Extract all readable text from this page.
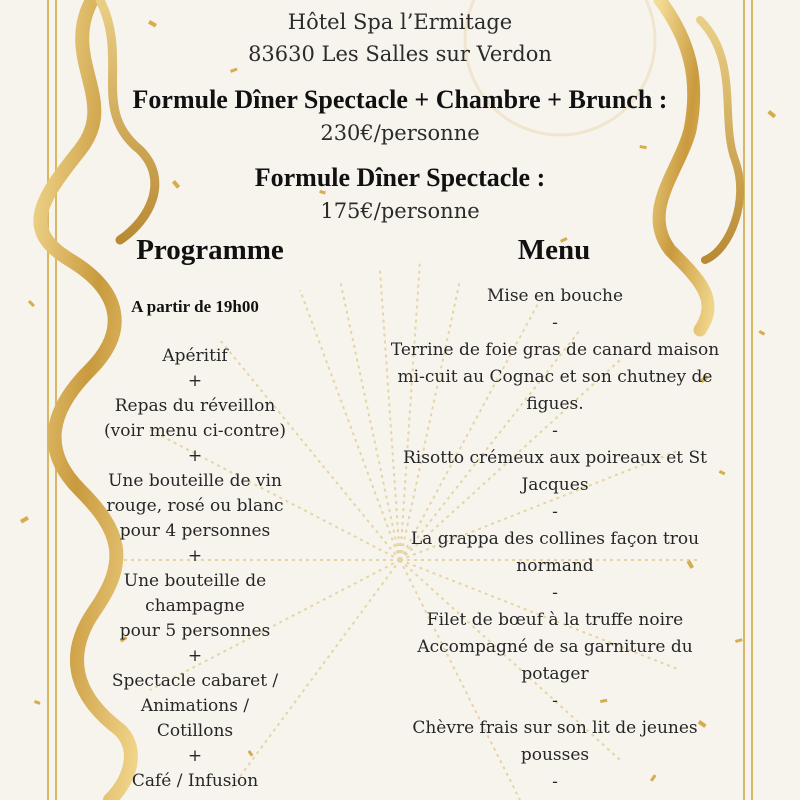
Hôtel Spa l’Ermitage
83630 Les Salles sur Verdon
Formule Dîner Spectacle + Chambre + Brunch :
230€/personne
Formule Dîner Spectacle :
175€/personne
Programme	Menu
A partir de 19h00
Apéritif
+
Repas du réveillon
(voir menu ci-contre)
+
Une bouteille de vin
rouge, rosé ou blanc
pour 4 personnes
+
Une bouteille de
champagne
pour 5 personnes
+
Spectacle cabaret /
Animations /
Cotillons
+
Café / Infusion
Mise en bouche
-
Terrine de foie gras de canard maison
mi-cuit au Cognac et son chutney de
figues.
-
Risotto crémeux aux poireaux et St
Jacques
-
La grappa des collines façon trou
normand
-
Filet de bœuf à la truffe noire
Accompagné de sa garniture du
potager
-
Chèvre frais sur son lit de jeunes
pousses
-
